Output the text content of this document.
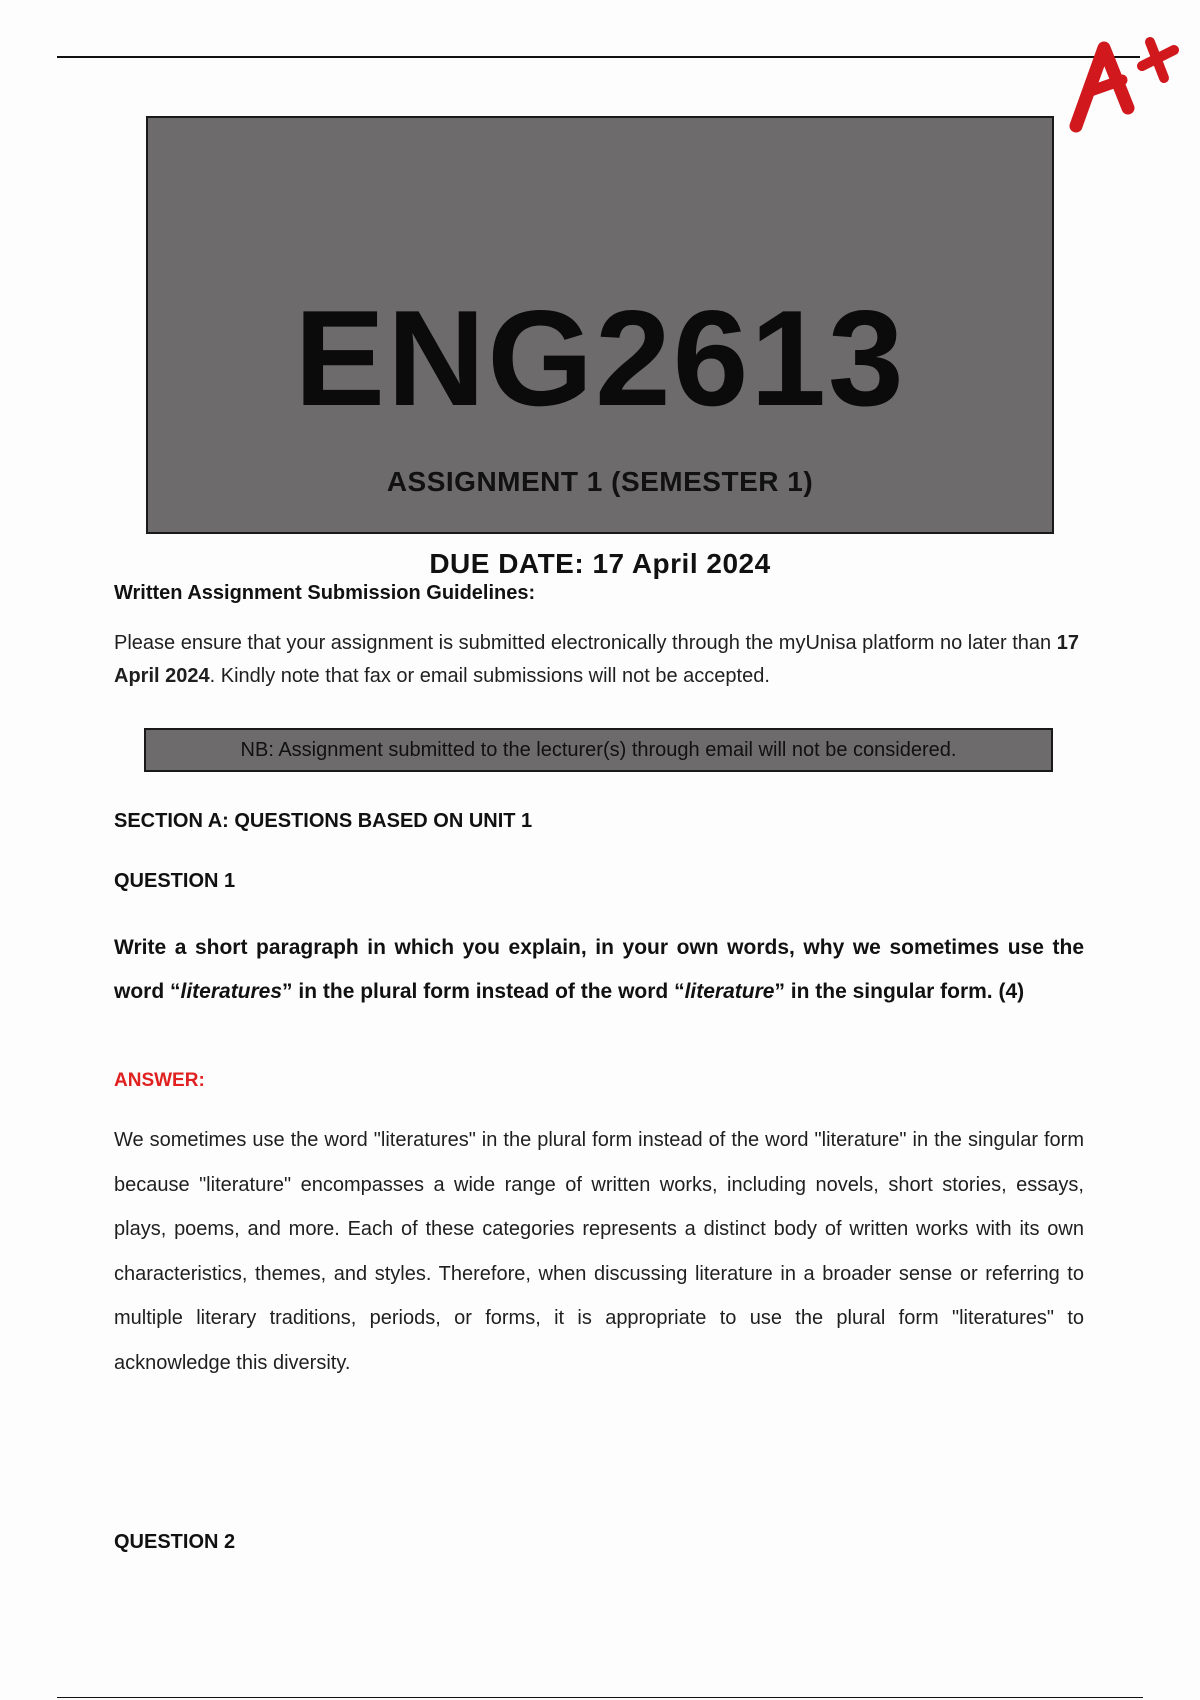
ENG2613
ASSIGNMENT 1 (SEMESTER 1)
DUE DATE: 17 April 2024
Written Assignment Submission Guidelines:
Please ensure that your assignment is submitted electronically through the myUnisa platform no later than 17 April 2024. Kindly note that fax or email submissions will not be accepted.
NB: Assignment submitted to the lecturer(s) through email will not be considered.
SECTION A: QUESTIONS BASED ON UNIT 1
QUESTION 1
Write a short paragraph in which you explain, in your own words, why we sometimes use the word “literatures” in the plural form instead of the word “literature” in the singular form. (4)
ANSWER:
We sometimes use the word "literatures" in the plural form instead of the word "literature" in the singular form because "literature" encompasses a wide range of written works, including novels, short stories, essays, plays, poems, and more. Each of these categories represents a distinct body of written works with its own characteristics, themes, and styles. Therefore, when discussing literature in a broader sense or referring to multiple literary traditions, periods, or forms, it is appropriate to use the plural form "literatures" to acknowledge this diversity.
QUESTION 2
